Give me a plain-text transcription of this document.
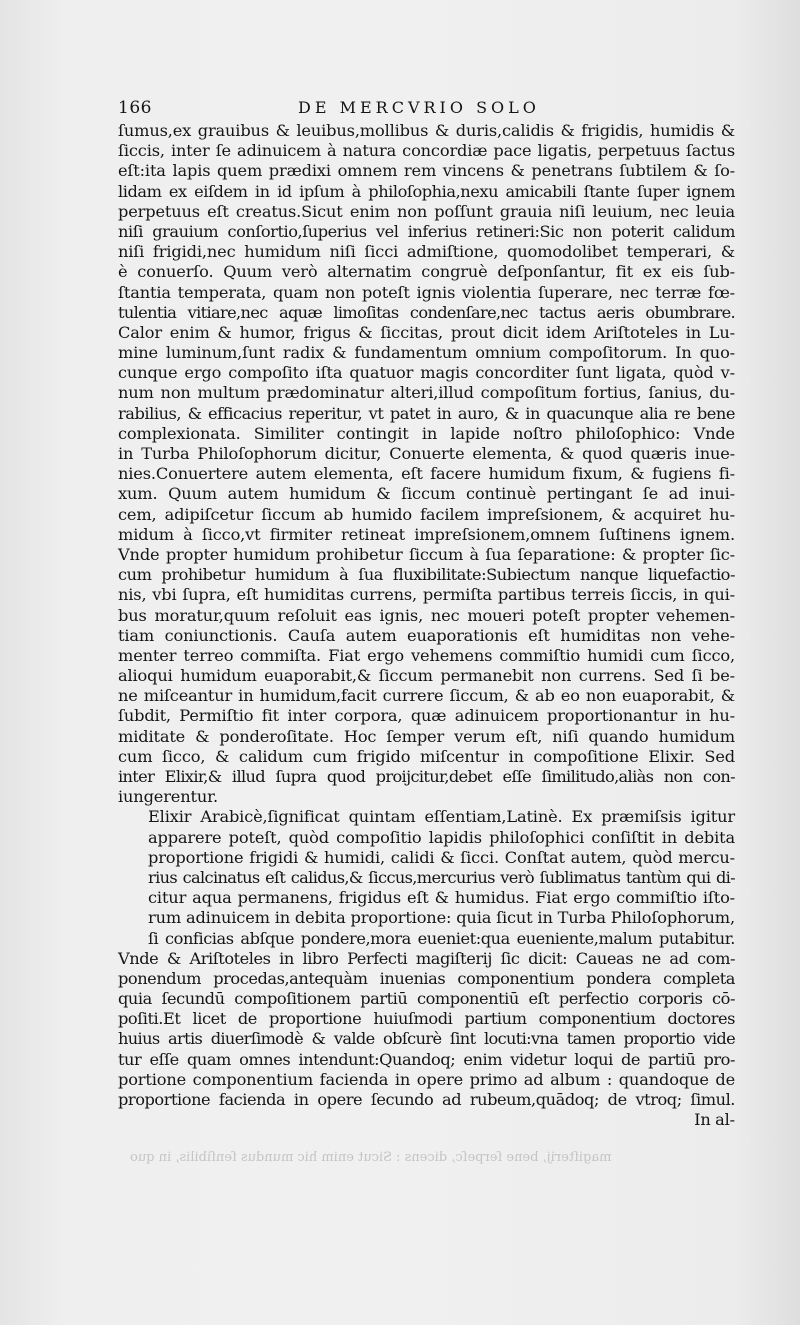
166	DE MERCVRIO SOLO
ſumus,ex grauibus & leuibus,mollibus & duris,calidis & frigidis, humidis &
ſiccis, inter ſe adinuicem à natura concordiæ pace ligatis, perpetuus ſactus
eſt:ita lapis quem prædixi omnem rem vincens & penetrans ſubtilem & ſo-
lidam ex eiſdem in id ipſum à philoſophia,nexu amicabili ſtante ſuper ignem
perpetuus eſt creatus.Sicut enim non poſſunt grauia niſi leuium, nec leuia
niſi grauium conſortio,ſuperius vel inferius retineri:Sic non poterit calidum
niſi frigidi,nec humidum niſi ſicci admiſtione, quomodolibet temperari, &
è conuerſo. Quum verò alternatim congruè deſponſantur, fit ex eis ſub-
ſtantia temperata, quam non poteſt ignis violentia ſuperare, nec terræ fœ-
tulentia vitiare,nec aquæ limoſitas condenſare,nec tactus aeris obumbrare.
Calor enim & humor, frigus & ſiccitas, prout dicit idem Ariſtoteles in Lu-
mine luminum,ſunt radix & fundamentum omnium compoſitorum. In quo-
cunque ergo compoſito iſta quatuor magis concorditer ſunt ligata, quòd v-
num non multum prædominatur alteri,illud compoſitum fortius, ſanius, du-
rabilius, & efficacius reperitur, vt patet in auro, & in quacunque alia re bene
complexionata. Similiter contingit in lapide noſtro philoſophico: Vnde
in Turba Philoſophorum dicitur, Conuerte elementa, & quod quæris inue-
nies.Conuertere autem elementa, eſt facere humidum fixum, & fugiens fi-
xum. Quum autem humidum & ſiccum continuè pertingant ſe ad inui-
cem, adipiſcetur ſiccum ab humido facilem impreſsionem, & acquiret hu-
midum à ſicco,vt firmiter retineat impreſsionem,omnem ſuſtinens ignem.
Vnde propter humidum prohibetur ſiccum à ſua ſeparatione: & propter ſic-
cum prohibetur humidum à ſua fluxibilitate:Subiectum nanque liquefactio-
nis, vbi ſupra, eſt humiditas currens, permiſta partibus terreis ſiccis, in qui-
bus moratur,quum reſoluit eas ignis, nec moueri poteſt propter vehemen-
tiam coniunctionis. Cauſa autem euaporationis eſt humiditas non vehe-
menter terreo commiſta. Fiat ergo vehemens commiſtio humidi cum ſicco,
alioqui humidum euaporabit,& ſiccum permanebit non currens. Sed ſi be-
ne miſceantur in humidum,facit currere ſiccum, & ab eo non euaporabit, &
ſubdit, Permiſtio fit inter corpora, quæ adinuicem proportionantur in hu-
miditate & ponderoſitate. Hoc ſemper verum eſt, niſi quando humidum
cum ſicco, & calidum cum frigido miſcentur in compoſitione Elixir. Sed
inter Elixir,& illud ſupra quod proijcitur,debet eſſe ſimilitudo,aliàs non con-
iungerentur.
Elixir Arabicè,ſignificat quintam eſſentiam,Latinè. Ex præmiſsis igitur
apparere poteſt, quòd compoſitio lapidis philoſophici conſiſtit in debita
proportione frigidi & humidi, calidi & ſicci. Conſtat autem, quòd mercu-
rius calcinatus eſt calidus,& ſiccus,mercurius verò ſublimatus tantùm qui di-
citur aqua permanens, frigidus eſt & humidus. Fiat ergo commiſtio iſto-
rum adinuicem in debita proportione: quia ſicut in Turba Philoſophorum,
ſi conficias abſque pondere,mora eueniet:qua eueniente,malum putabitur.
Vnde & Ariſtoteles in libro Perfecti magiſterij ſic dicit: Caueas ne ad com-
ponendum procedas,antequàm inuenias componentium pondera completa
quia ſecundū compoſitionem partiū componentiū eſt perfectio corporis cō-
poſiti.Et licet de proportione huiuſmodi partium componentium doctores
huius artis diuerſimodè & valde obſcurè ſint locuti:vna tamen proportio vide
tur eſſe quam omnes intendunt:Quandoq; enim videtur loqui de partiū pro-
portione componentium facienda in opere primo ad album : quandoque de
proportione facienda in opere ſecundo ad rubeum,quādoq; de vtroq; ſimul.
In al-
magiſterij, bene ſerpeſc, dicens : Sicut enim hic mundus ſenſibilis, in quo
